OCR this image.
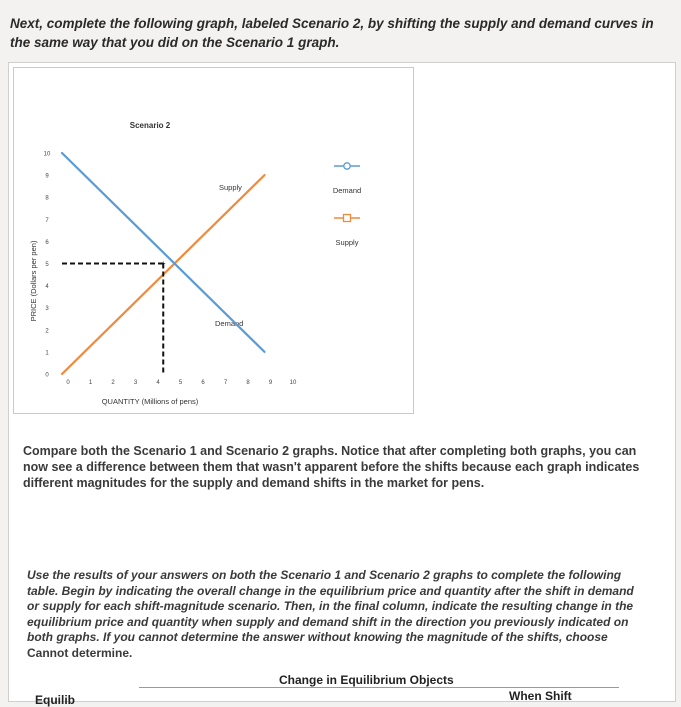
Next, complete the following graph, labeled Scenario 2, by shifting the supply and demand curves in the same way that you did on the Scenario 1 graph.
Scenario 2
QUANTITY (Millions of pens)
PRICE (Dollars per pen)
Supply
Demand
Demand
Supply
0
1
2
3
4
5
6
7
8
9
10
0	1	2	3	4	5	6	7	8	9	10
+
Compare both the Scenario 1 and Scenario 2 graphs. Notice that after completing both graphs, you can now see a difference between them that wasn't apparent before the shifts because each graph indicates different magnitudes for the supply and demand shifts in the market for pens.
Use the results of your answers on both the Scenario 1 and Scenario 2 graphs to complete the following table. Begin by indicating the overall change in the equilibrium price and quantity after the shift in demand or supply for each shift-magnitude scenario. Then, in the final column, indicate the resulting change in the equilibrium price and quantity when supply and demand shift in the direction you previously indicated on both graphs. If you cannot determine the answer without knowing the magnitude of the shifts, choose Cannot determine.
Change in Equilibrium Objects
When Shift
Equilib
